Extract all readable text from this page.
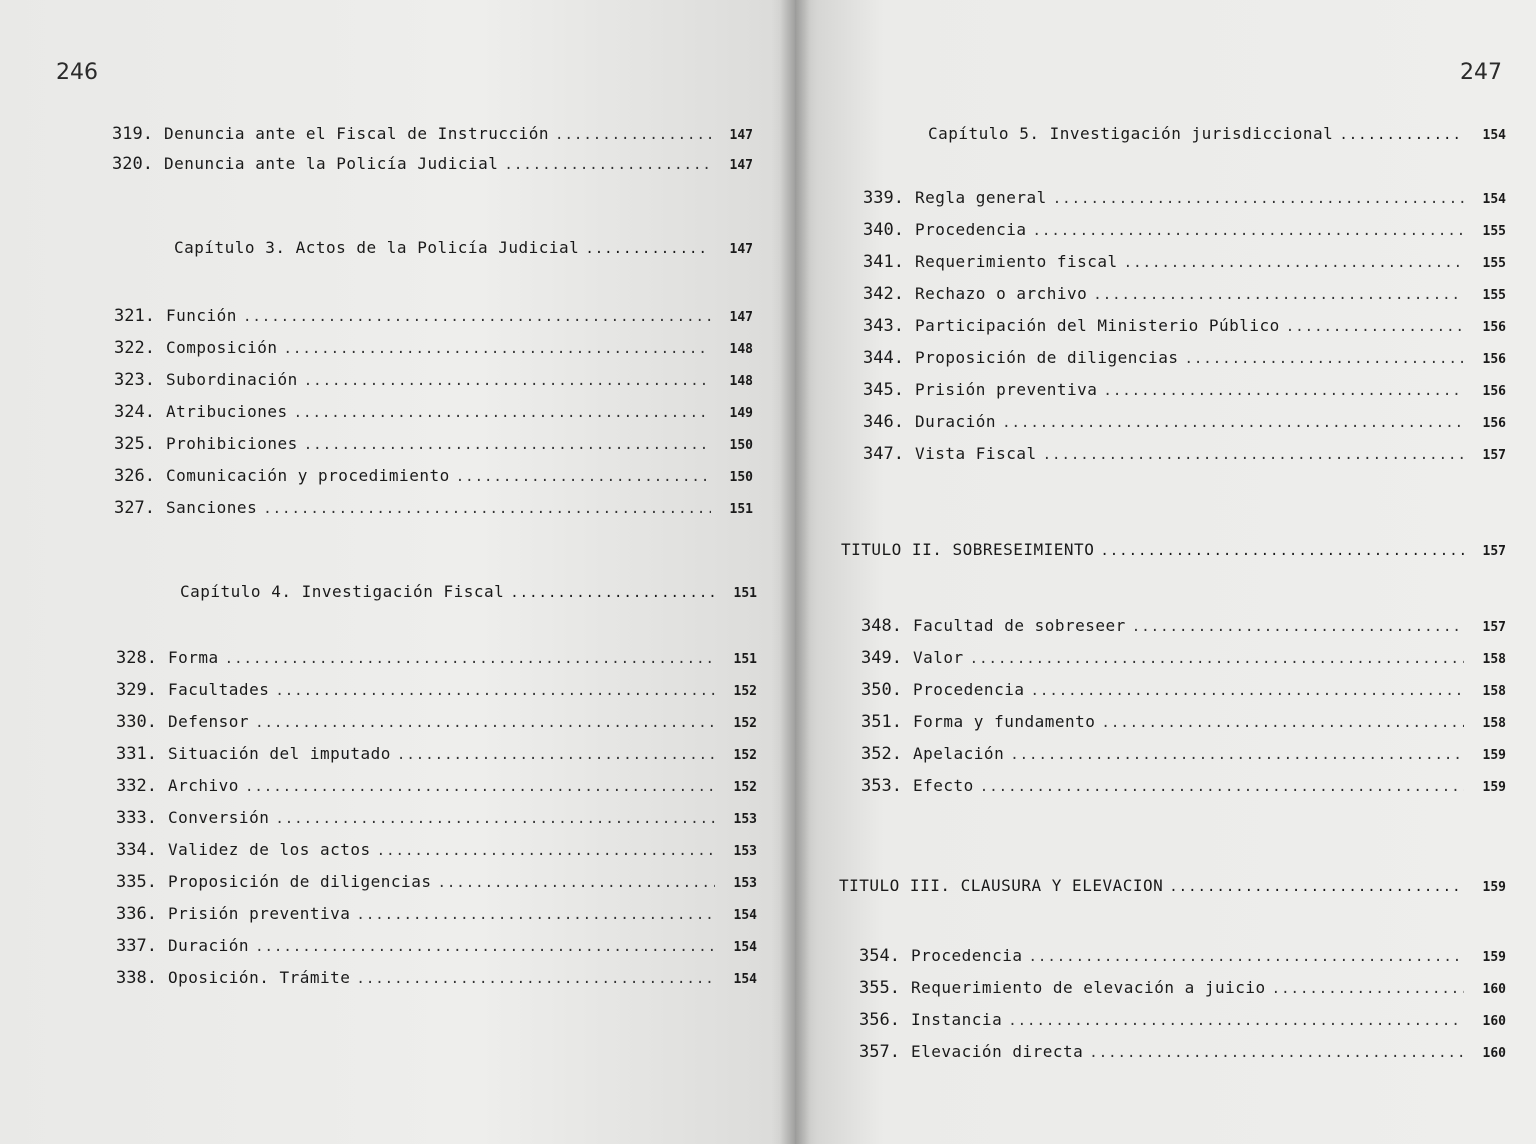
246
319. Denuncia ante el Fiscal de Instrucción .....	147
320. Denuncia ante la Policía Judicial .....	147
Capítulo 3. Actos de la Policía Judicial .....	147
321. Función .....	147
322. Composición .....	148
323. Subordinación .....	148
324. Atribuciones .....	149
325. Prohibiciones .....	150
326. Comunicación y procedimiento .....	150
327. Sanciones .....	151
Capítulo 4. Investigación Fiscal .....	151
328. Forma .....	151
329. Facultades .....	152
330. Defensor .....	152
331. Situación del imputado .....	152
332. Archivo .....	152
333. Conversión .....	153
334. Validez de los actos .....	153
335. Proposición de diligencias .....	153
336. Prisión preventiva .....	154
337. Duración .....	154
338. Oposición. Trámite .....	154
247
Capítulo 5. Investigación jurisdiccional .....	154
339. Regla general .....	154
340. Procedencia .....	155
341. Requerimiento fiscal .....	155
342. Rechazo o archivo .....	155
343. Participación del Ministerio Público .....	156
344. Proposición de diligencias .....	156
345. Prisión preventiva .....	156
346. Duración .....	156
347. Vista Fiscal .....	157
TITULO II. SOBRESEIMIENTO .....	157
348. Facultad de sobreseer .....	157
349. Valor .....	158
350. Procedencia .....	158
351. Forma y fundamento .....	158
352. Apelación .....	159
353. Efecto .....	159
TITULO III. CLAUSURA Y ELEVACION .....	159
354. Procedencia .....	159
355. Requerimiento de elevación a juicio .....	160
356. Instancia .....	160
357. Elevación directa .....	160
